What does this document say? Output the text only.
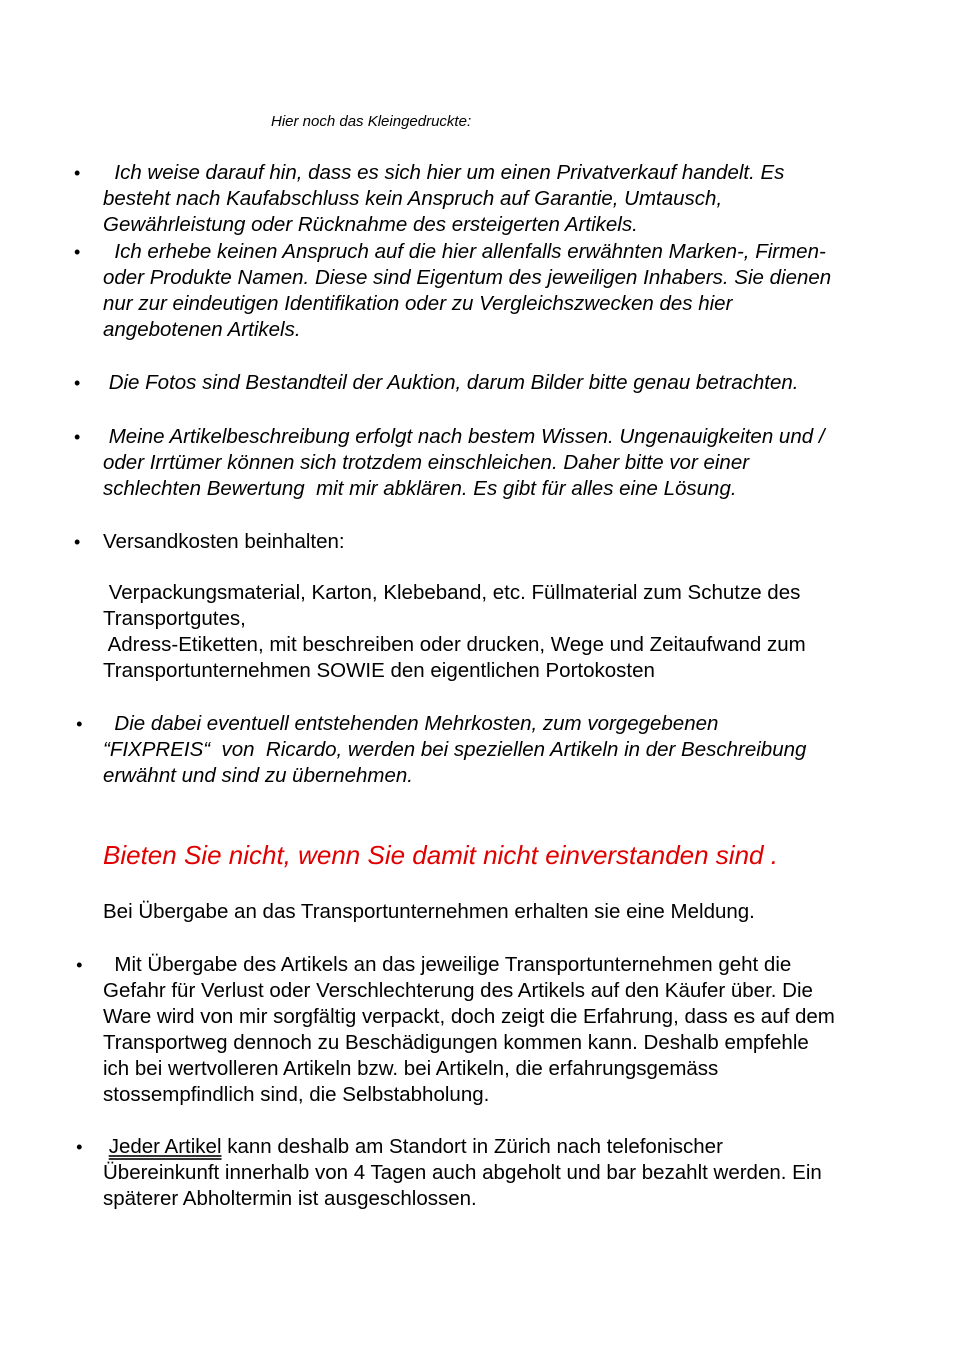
Hier noch das Kleingedruckte:
• Ich weise darauf hin, dass es sich hier um einen Privatverkauf handelt. Es
besteht nach Kaufabschluss kein Anspruch auf Garantie, Umtausch,
Gewährleistung oder Rücknahme des ersteigerten Artikels.
• Ich erhebe keinen Anspruch auf die hier allenfalls erwähnten Marken-, Firmen-
oder Produkte Namen. Diese sind Eigentum des jeweiligen Inhabers. Sie dienen
nur zur eindeutigen Identifikation oder zu Vergleichszwecken des hier
angebotenen Artikels.
• Die Fotos sind Bestandteil der Auktion, darum Bilder bitte genau betrachten.
• Meine Artikelbeschreibung erfolgt nach bestem Wissen. Ungenauigkeiten und /
oder Irrtümer können sich trotzdem einschleichen. Daher bitte vor einer
schlechten Bewertung  mit mir abklären. Es gibt für alles eine Lösung.
• Versandkosten beinhalten:
Verpackungsmaterial, Karton, Klebeband, etc. Füllmaterial zum Schutze des
Transportgutes,
Adress-Etiketten, mit beschreiben oder drucken, Wege und Zeitaufwand zum
Transportunternehmen SOWIE den eigentlichen Portokosten
• Die dabei eventuell entstehenden Mehrkosten, zum vorgegebenen
“FIXPREIS“  von  Ricardo, werden bei speziellen Artikeln in der Beschreibung
erwähnt und sind zu übernehmen.
Bieten Sie nicht, wenn Sie damit nicht einverstanden sind .
Bei Übergabe an das Transportunternehmen erhalten sie eine Meldung.
• Mit Übergabe des Artikels an das jeweilige Transportunternehmen geht die
Gefahr für Verlust oder Verschlechterung des Artikels auf den Käufer über. Die
Ware wird von mir sorgfältig verpackt, doch zeigt die Erfahrung, dass es auf dem
Transportweg dennoch zu Beschädigungen kommen kann. Deshalb empfehle
ich bei wertvolleren Artikeln bzw. bei Artikeln, die erfahrungsgemäss
stossempfindlich sind, die Selbstabholung.
• Jeder Artikel kann deshalb am Standort in Zürich nach telefonischer
Übereinkunft innerhalb von 4 Tagen auch abgeholt und bar bezahlt werden. Ein
späterer Abholtermin ist ausgeschlossen.
